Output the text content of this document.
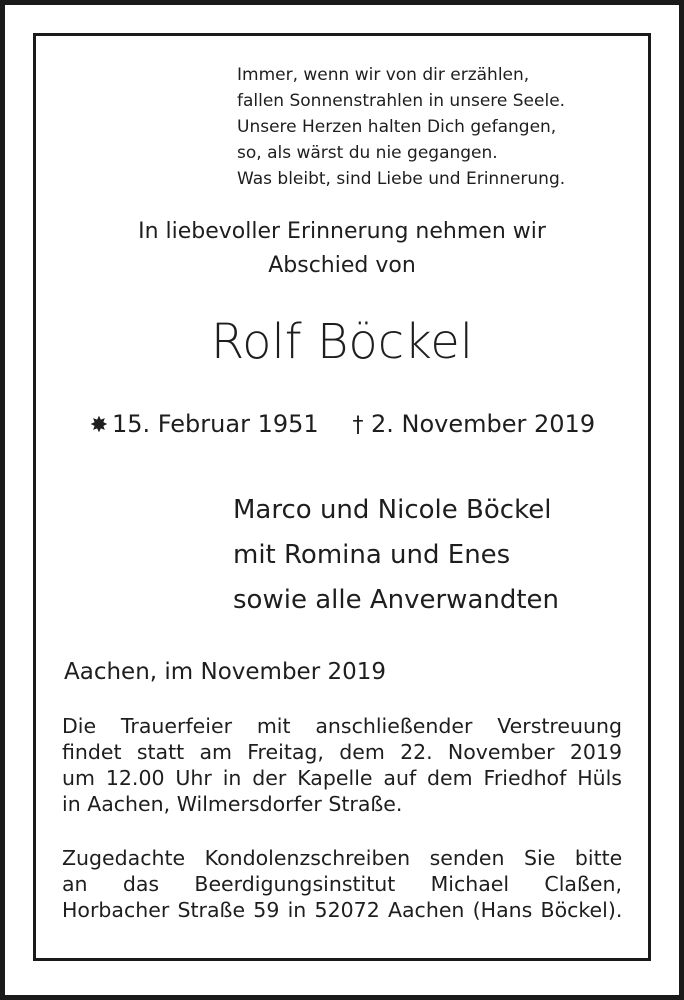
Immer, wenn wir von dir erzählen,
fallen Sonnenstrahlen in unsere Seele.
Unsere Herzen halten Dich gefangen,
so, als wärst du nie gegangen.
Was bleibt, sind Liebe und Erinnerung.
In liebevoller Erinnerung nehmen wir
Abschied von
Rolf Böckel
✸ 15. Februar 1951	† 2. November 2019
Marco und Nicole Böckel
mit Romina und Enes
sowie alle Anverwandten
Aachen, im November 2019
Die Trauerfeier mit anschließender Verstreuung
findet statt am Freitag, dem 22. November 2019
um 12.00 Uhr in der Kapelle auf dem Friedhof Hüls
in Aachen, Wilmersdorfer Straße.
Zugedachte Kondolenzschreiben senden Sie bitte
an das Beerdigungsinstitut Michael Claßen,
Horbacher Straße 59 in 52072 Aachen (Hans Böckel).
